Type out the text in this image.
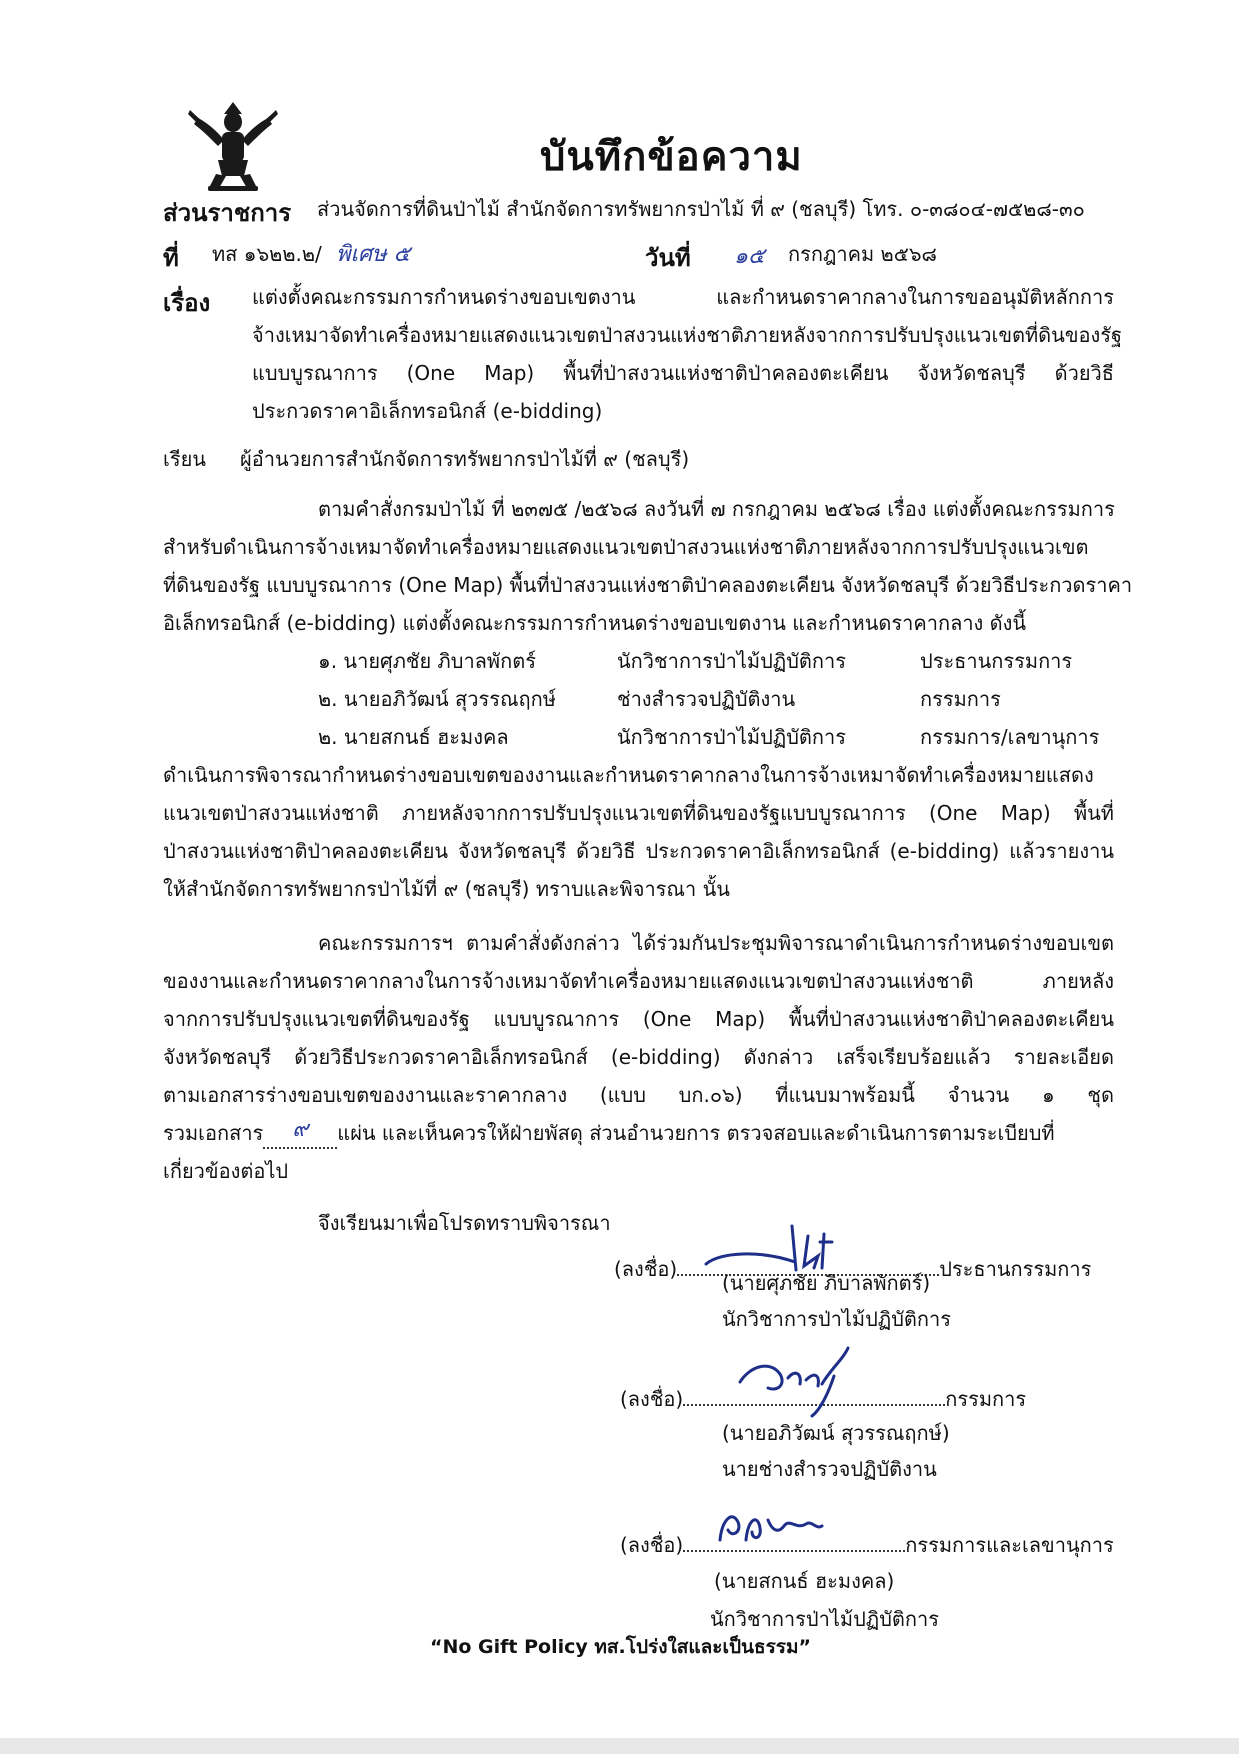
บันทึกข้อความ
ส่วนราชการ ส่วนจัดการที่ดินป่าไม้ สำนักจัดการทรัพยากรป่าไม้ ที่ ๙ (ชลบุรี) โทร. ๐-๓๘๐๔-๗๕๒๘-๓๐
ที่ ทส ๑๖๒๒.๒/ พิเศษ ๕	วันที่ ๑๕ กรกฎาคม ๒๕๖๘
เรื่อง แต่งตั้งคณะกรรมการกำหนดร่างขอบเขตงาน และกำหนดราคากลางในการขออนุมัติหลักการ
จ้างเหมาจัดทำเครื่องหมายแสดงแนวเขตป่าสงวนแห่งชาติภายหลังจากการปรับปรุงแนวเขตที่ดินของรัฐ
แบบบูรณาการ (One Map) พื้นที่ป่าสงวนแห่งชาติป่าคลองตะเคียน จังหวัดชลบุรี ด้วยวิธี
ประกวดราคาอิเล็กทรอนิกส์ (e-bidding)
เรียน ผู้อำนวยการสำนักจัดการทรัพยากรป่าไม้ที่ ๙ (ชลบุรี)
ตามคำสั่งกรมป่าไม้ ที่ ๒๓๗๕ /๒๕๖๘ ลงวันที่ ๗ กรกฎาคม ๒๕๖๘ เรื่อง แต่งตั้งคณะกรรมการ
สำหรับดำเนินการจ้างเหมาจัดทำเครื่องหมายแสดงแนวเขตป่าสงวนแห่งชาติภายหลังจากการปรับปรุงแนวเขต
ที่ดินของรัฐ แบบบูรณาการ (One Map) พื้นที่ป่าสงวนแห่งชาติป่าคลองตะเคียน จังหวัดชลบุรี ด้วยวิธีประกวดราคา
อิเล็กทรอนิกส์ (e-bidding) แต่งตั้งคณะกรรมการกำหนดร่างขอบเขตงาน และกำหนดราคากลาง ดังนี้
๑. นายศุภชัย ภิบาลพักตร์	นักวิชาการป่าไม้ปฏิบัติการ	ประธานกรรมการ
๒. นายอภิวัฒน์ สุวรรณฤกษ์	ช่างสำรวจปฏิบัติงาน	กรรมการ
๒. นายสกนธ์ ฮะมงคล	นักวิชาการป่าไม้ปฏิบัติการ	กรรมการ/เลขานุการ
ดำเนินการพิจารณากำหนดร่างขอบเขตของงานและกำหนดราคากลางในการจ้างเหมาจัดทำเครื่องหมายแสดง
แนวเขตป่าสงวนแห่งชาติ ภายหลังจากการปรับปรุงแนวเขตที่ดินของรัฐแบบบูรณาการ (One Map) พื้นที่
ป่าสงวนแห่งชาติป่าคลองตะเคียน จังหวัดชลบุรี ด้วยวิธี ประกวดราคาอิเล็กทรอนิกส์ (e-bidding) แล้วรายงาน
ให้สำนักจัดการทรัพยากรป่าไม้ที่ ๙ (ชลบุรี) ทราบและพิจารณา นั้น
คณะกรรมการฯ ตามคำสั่งดังกล่าว ได้ร่วมกันประชุมพิจารณาดำเนินการกำหนดร่างขอบเขต
ของงานและกำหนดราคากลางในการจ้างเหมาจัดทำเครื่องหมายแสดงแนวเขตป่าสงวนแห่งชาติ ภายหลัง
จากการปรับปรุงแนวเขตที่ดินของรัฐ แบบบูรณาการ (One Map) พื้นที่ป่าสงวนแห่งชาติป่าคลองตะเคียน
จังหวัดชลบุรี ด้วยวิธีประกวดราคาอิเล็กทรอนิกส์ (e-bidding) ดังกล่าว เสร็จเรียบร้อยแล้ว รายละเอียด
ตามเอกสารร่างขอบเขตของงานและราคากลาง (แบบ บก.๐๖) ที่แนบมาพร้อมนี้ จำนวน ๑ ชุด
รวมเอกสาร ๙ แผ่น และเห็นควรให้ฝ่ายพัสดุ ส่วนอำนวยการ ตรวจสอบและดำเนินการตามระเบียบที่
เกี่ยวข้องต่อไป
จึงเรียนมาเพื่อโปรดทราบพิจารณา
(ลงชื่อ)	ประธานกรรมการ
(นายศุภชัย ภิบาลพักตร์)
นักวิชาการป่าไม้ปฏิบัติการ
(ลงชื่อ)	กรรมการ
(นายอภิวัฒน์ สุวรรณฤกษ์)
นายช่างสำรวจปฏิบัติงาน
(ลงชื่อ)	กรรมการและเลขานุการ
(นายสกนธ์ ฮะมงคล)
นักวิชาการป่าไม้ปฏิบัติการ
“No Gift Policy ทส.โปร่งใสและเป็นธรรม”
